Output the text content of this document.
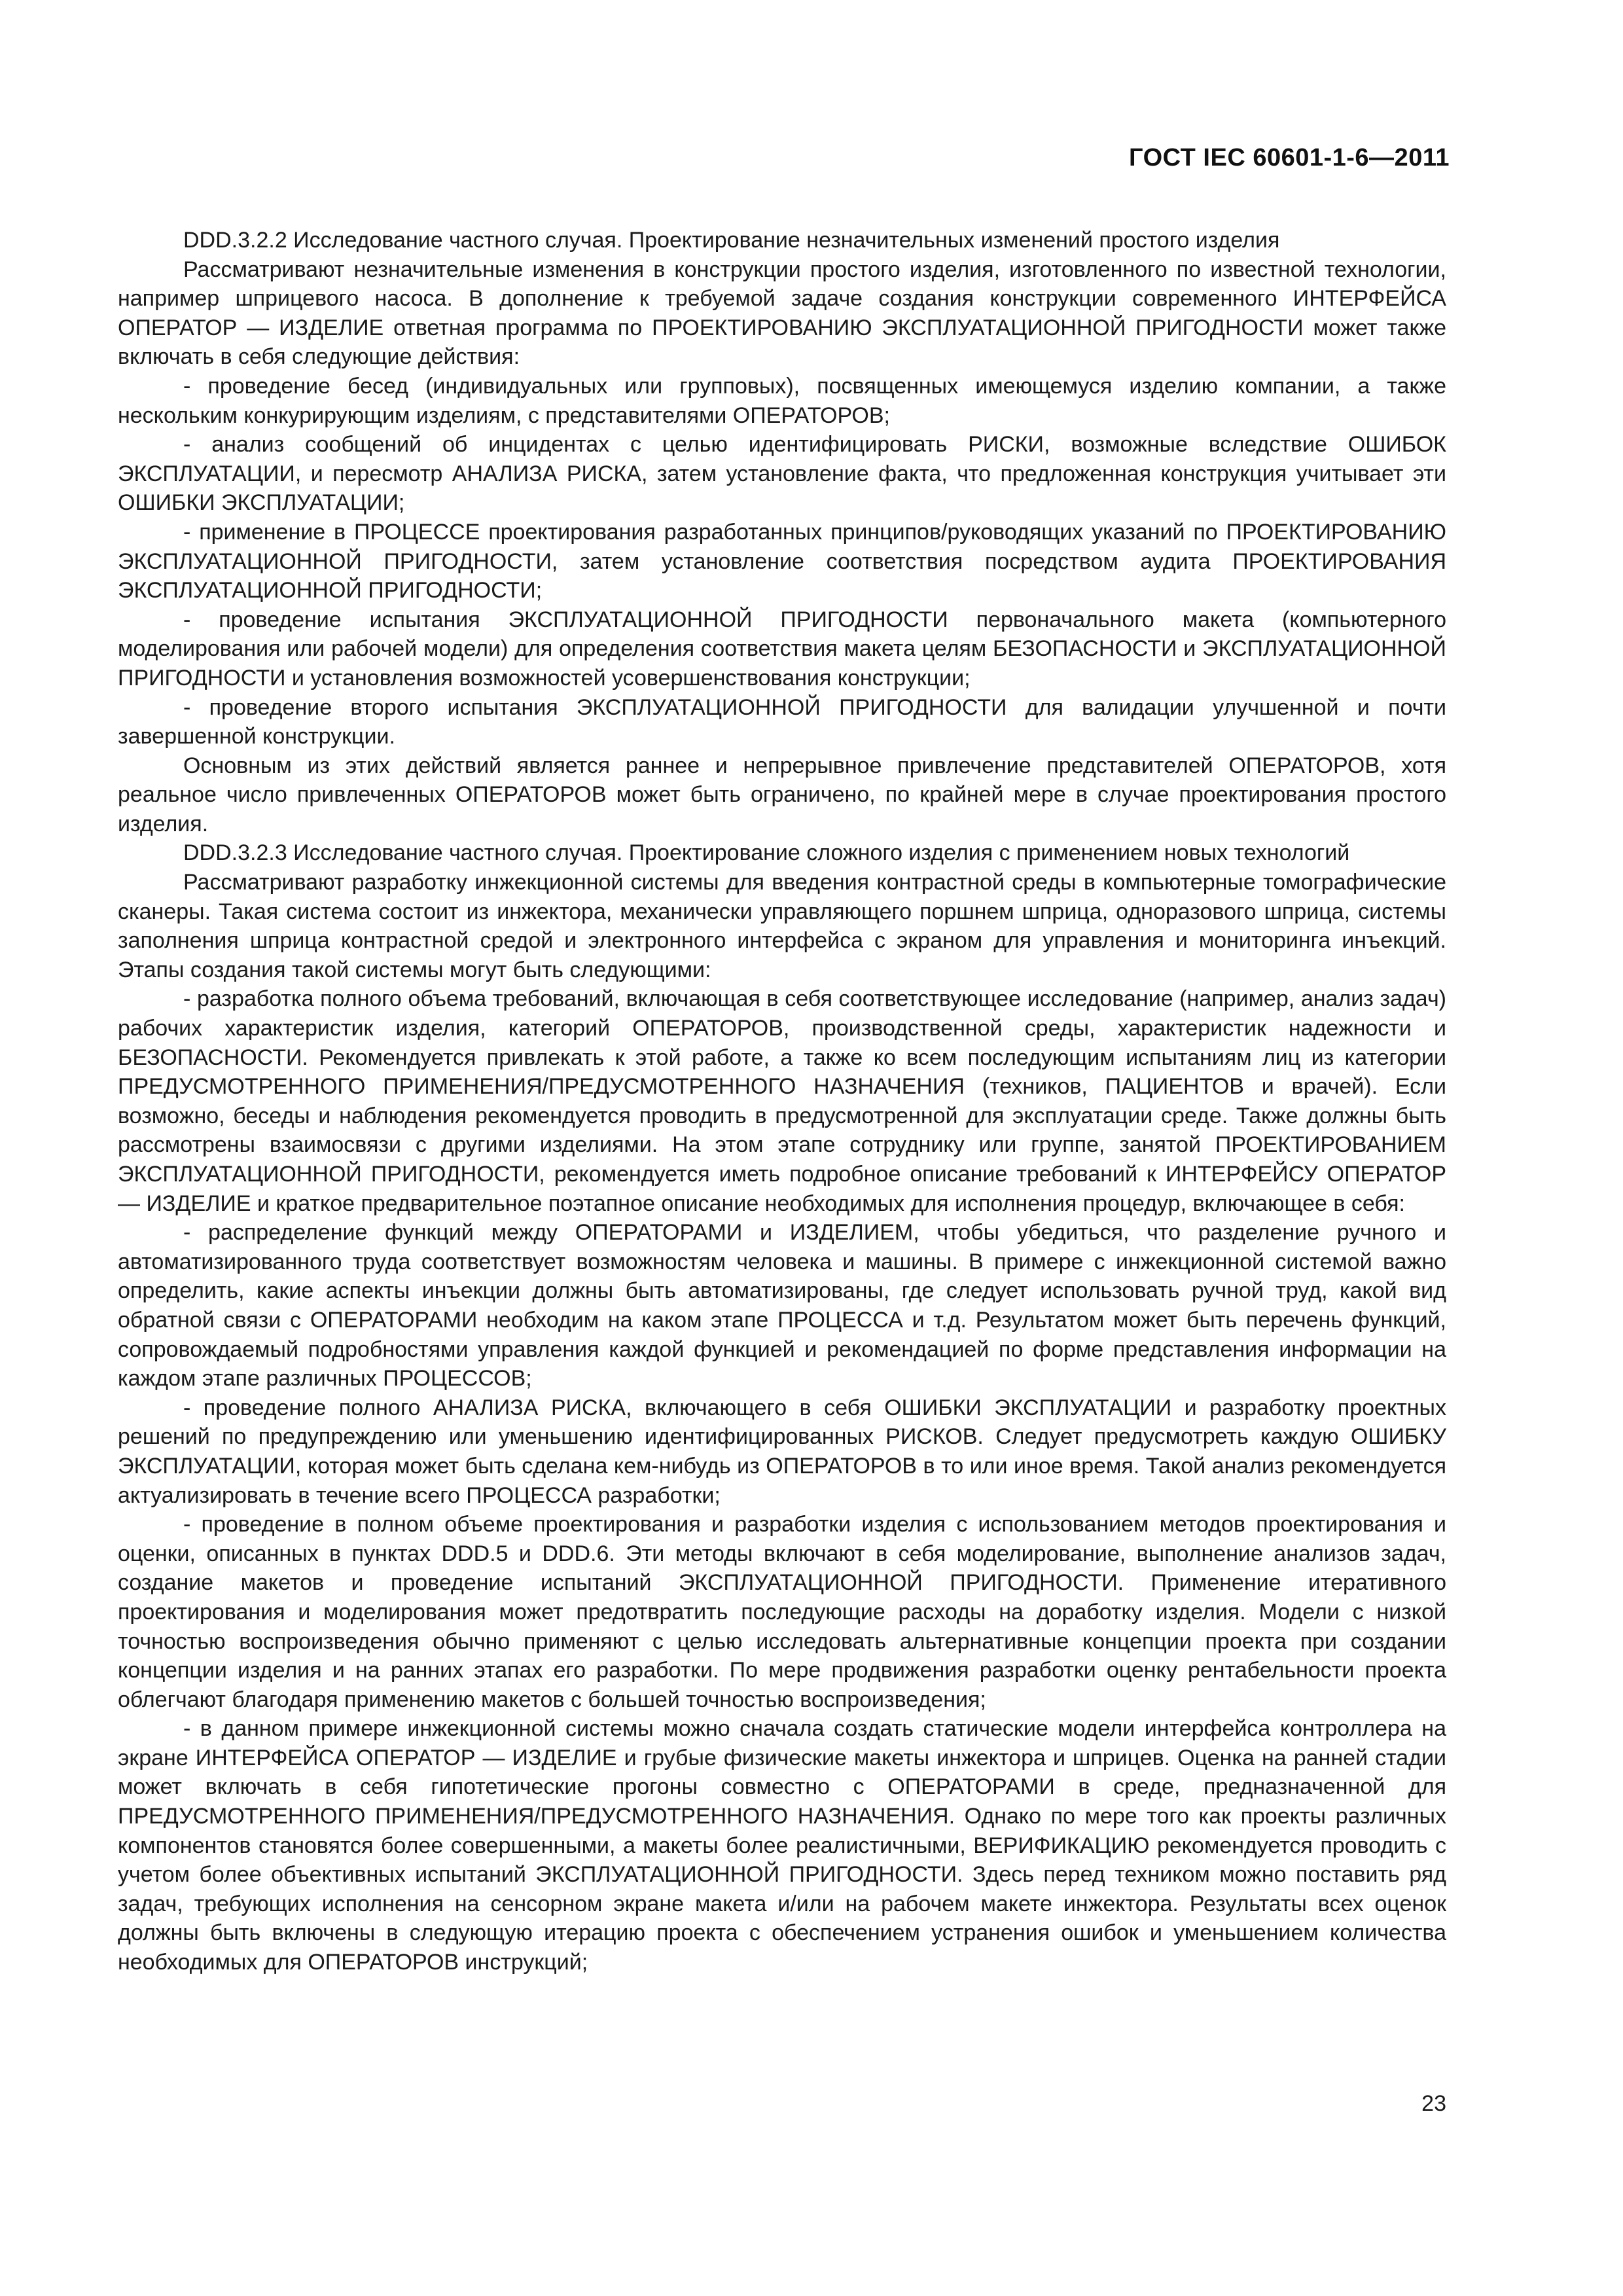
ГОСТ IEC 60601-1-6—2011

DDD.3.2.2 Исследование частного случая. Проектирование незначительных изменений простого изделия

Рассматривают незначительные изменения в конструкции простого изделия, изготовленного по известной технологии, например шприцевого насоса. В дополнение к требуемой задаче создания конструкции современного ИНТЕРФЕЙСА ОПЕРАТОР — ИЗДЕЛИЕ ответная программа по ПРОЕКТИРОВАНИЮ ЭКСПЛУАТАЦИОННОЙ ПРИГОДНОСТИ может также включать в себя следующие действия:

- проведение бесед (индивидуальных или групповых), посвященных имеющемуся изделию компании, а также нескольким конкурирующим изделиям, с представителями ОПЕРАТОРОВ;

- анализ сообщений об инцидентах с целью идентифицировать РИСКИ, возможные вследствие ОШИБОК ЭКСПЛУАТАЦИИ, и пересмотр АНАЛИЗА РИСКА, затем установление факта, что предложенная конструкция учитывает эти ОШИБКИ ЭКСПЛУАТАЦИИ;

- применение в ПРОЦЕССЕ проектирования разработанных принципов/руководящих указаний по ПРОЕКТИРОВАНИЮ ЭКСПЛУАТАЦИОННОЙ ПРИГОДНОСТИ, затем установление соответствия посредством аудита ПРОЕКТИРОВАНИЯ ЭКСПЛУАТАЦИОННОЙ ПРИГОДНОСТИ;

- проведение испытания ЭКСПЛУАТАЦИОННОЙ ПРИГОДНОСТИ первоначального макета (компьютерного моделирования или рабочей модели) для определения соответствия макета целям БЕЗОПАСНОСТИ и ЭКСПЛУАТАЦИОННОЙ ПРИГОДНОСТИ и установления возможностей усовершенствования конструкции;

- проведение второго испытания ЭКСПЛУАТАЦИОННОЙ ПРИГОДНОСТИ для валидации улучшенной и почти завершенной конструкции.

Основным из этих действий является раннее и непрерывное привлечение представителей ОПЕРАТОРОВ, хотя реальное число привлеченных ОПЕРАТОРОВ может быть ограничено, по крайней мере в случае проектирования простого изделия.

DDD.3.2.3 Исследование частного случая. Проектирование сложного изделия с применением новых технологий

Рассматривают разработку инжекционной системы для введения контрастной среды в компьютерные томографические сканеры. Такая система состоит из инжектора, механически управляющего поршнем шприца, одноразового шприца, системы заполнения шприца контрастной средой и электронного интерфейса с экраном для управления и мониторинга инъекций. Этапы создания такой системы могут быть следующими:

- разработка полного объема требований, включающая в себя соответствующее исследование (например, анализ задач) рабочих характеристик изделия, категорий ОПЕРАТОРОВ, производственной среды, характеристик надежности и БЕЗОПАСНОСТИ. Рекомендуется привлекать к этой работе, а также ко всем последующим испытаниям лиц из категории ПРЕДУСМОТРЕННОГО ПРИМЕНЕНИЯ/ПРЕДУСМОТРЕННОГО НАЗНАЧЕНИЯ (техников, ПАЦИЕНТОВ и врачей). Если возможно, беседы и наблюдения рекомендуется проводить в предусмотренной для эксплуатации среде. Также должны быть рассмотрены взаимосвязи с другими изделиями. На этом этапе сотруднику или группе, занятой ПРОЕКТИРОВАНИЕМ ЭКСПЛУАТАЦИОННОЙ ПРИГОДНОСТИ, рекомендуется иметь подробное описание требований к ИНТЕРФЕЙСУ ОПЕРАТОР — ИЗДЕЛИЕ и краткое предварительное поэтапное описание необходимых для исполнения процедур, включающее в себя:

- распределение функций между ОПЕРАТОРАМИ и ИЗДЕЛИЕМ, чтобы убедиться, что разделение ручного и автоматизированного труда соответствует возможностям человека и машины. В примере с инжекционной системой важно определить, какие аспекты инъекции должны быть автоматизированы, где следует использовать ручной труд, какой вид обратной связи с ОПЕРАТОРАМИ необходим на каком этапе ПРОЦЕССА и т.д. Результатом может быть перечень функций, сопровождаемый подробностями управления каждой функцией и рекомендацией по форме представления информации на каждом этапе различных ПРОЦЕССОВ;

- проведение полного АНАЛИЗА РИСКА, включающего в себя ОШИБКИ ЭКСПЛУАТАЦИИ и разработку проектных решений по предупреждению или уменьшению идентифицированных РИСКОВ. Следует предусмотреть каждую ОШИБКУ ЭКСПЛУАТАЦИИ, которая может быть сделана кем-нибудь из ОПЕРАТОРОВ в то или иное время. Такой анализ рекомендуется актуализировать в течение всего ПРОЦЕССА разработки;

- проведение в полном объеме проектирования и разработки изделия с использованием методов проектирования и оценки, описанных в пунктах DDD.5 и DDD.6. Эти методы включают в себя моделирование, выполнение анализов задач, создание макетов и проведение испытаний ЭКСПЛУАТАЦИОННОЙ ПРИГОДНОСТИ. Применение итеративного проектирования и моделирования может предотвратить последующие расходы на доработку изделия. Модели с низкой точностью воспроизведения обычно применяют с целью исследовать альтернативные концепции проекта при создании концепции изделия и на ранних этапах его разработки. По мере продвижения разработки оценку рентабельности проекта облегчают благодаря применению макетов с большей точностью воспроизведения;

- в данном примере инжекционной системы можно сначала создать статические модели интерфейса контроллера на экране ИНТЕРФЕЙСА ОПЕРАТОР — ИЗДЕЛИЕ и грубые физические макеты инжектора и шприцев. Оценка на ранней стадии может включать в себя гипотетические прогоны совместно с ОПЕРАТОРАМИ в среде, предназначенной для ПРЕДУСМОТРЕННОГО ПРИМЕНЕНИЯ/ПРЕДУСМОТРЕННОГО НАЗНАЧЕНИЯ. Однако по мере того как проекты различных компонентов становятся более совершенными, а макеты более реалистичными, ВЕРИФИКАЦИЮ рекомендуется проводить с учетом более объективных испытаний ЭКСПЛУАТАЦИОННОЙ ПРИГОДНОСТИ. Здесь перед техником можно поставить ряд задач, требующих исполнения на сенсорном экране макета и/или на рабочем макете инжектора. Результаты всех оценок должны быть включены в следующую итерацию проекта с обеспечением устранения ошибок и уменьшением количества необходимых для ОПЕРАТОРОВ инструкций;

23
